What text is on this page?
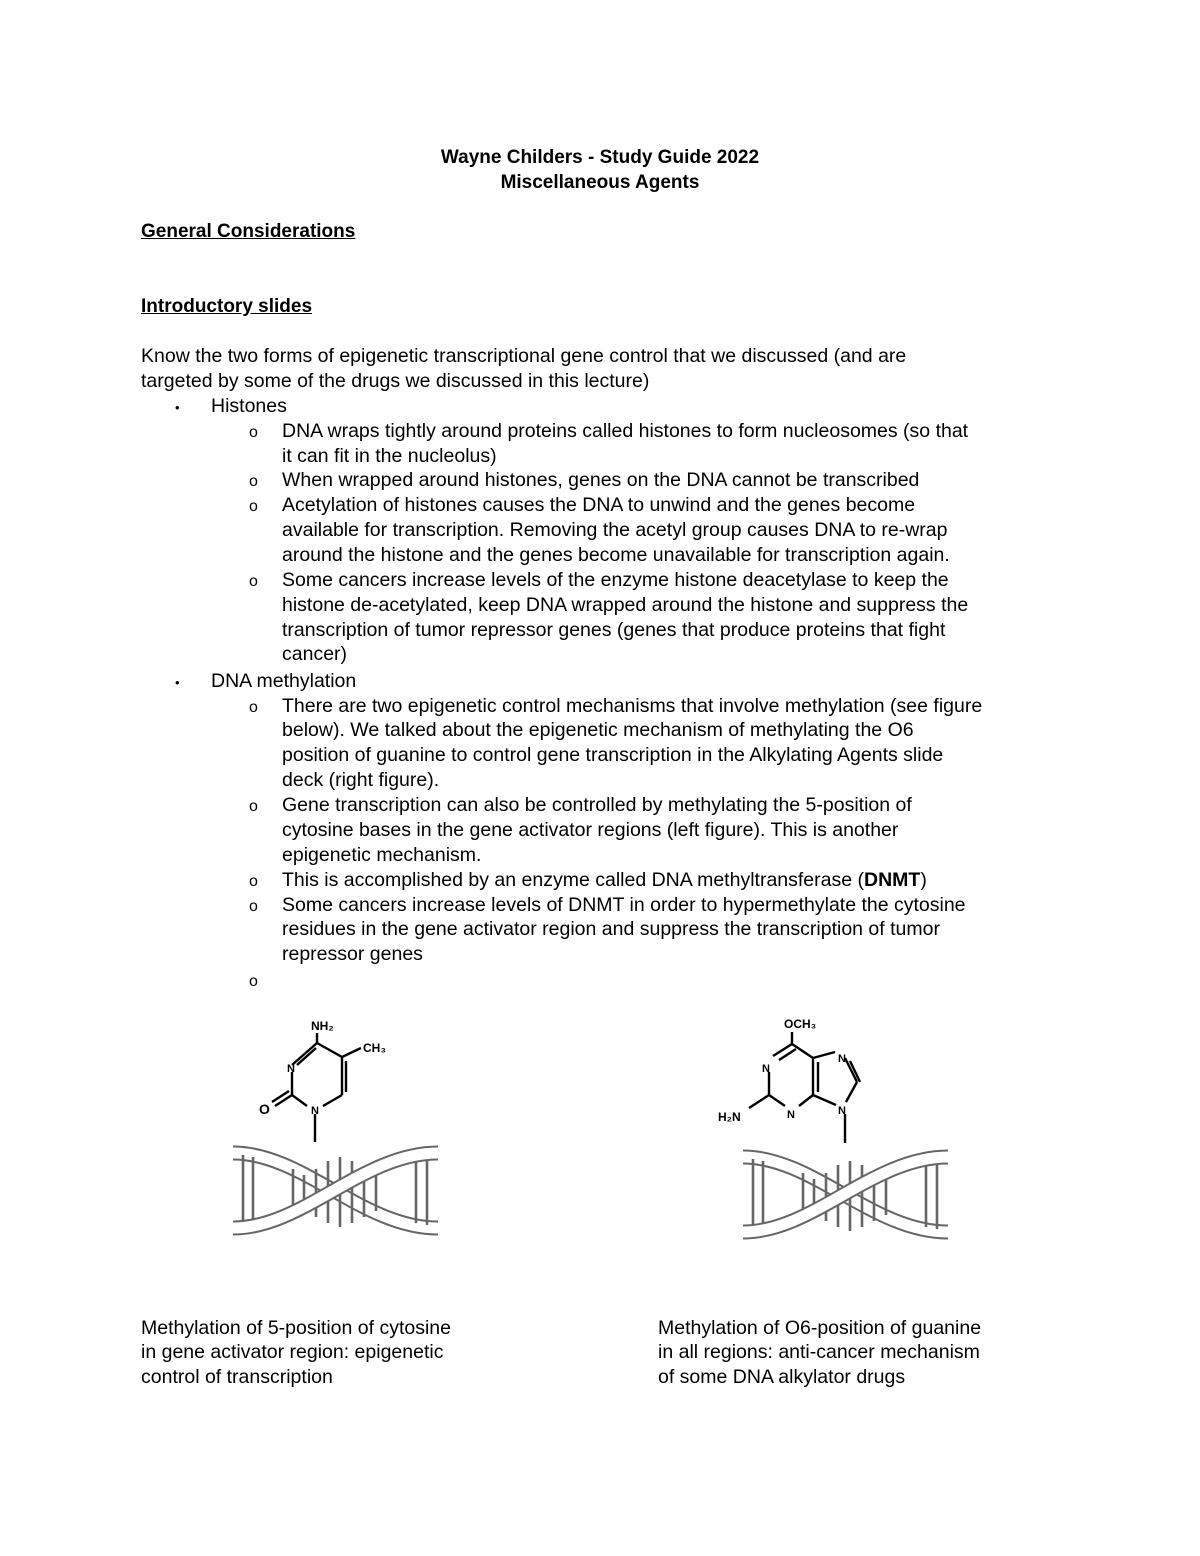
Wayne Childers - Study Guide 2022
Miscellaneous Agents
General Considerations
Introductory slides
Know the two forms of epigenetic transcriptional gene control that we discussed (and are
targeted by some of the drugs we discussed in this lecture)
• Histones
o DNA wraps tightly around proteins called histones to form nucleosomes (so that
it can fit in the nucleolus)
o When wrapped around histones, genes on the DNA cannot be transcribed
o Acetylation of histones causes the DNA to unwind and the genes become
available for transcription. Removing the acetyl group causes DNA to re-wrap
around the histone and the genes become unavailable for transcription again.
o Some cancers increase levels of the enzyme histone deacetylase to keep the
histone de-acetylated, keep DNA wrapped around the histone and suppress the
transcription of tumor repressor genes (genes that produce proteins that fight
cancer)
• DNA methylation
o There are two epigenetic control mechanisms that involve methylation (see figure
below). We talked about the epigenetic mechanism of methylating the O6
position of guanine to control gene transcription in the Alkylating Agents slide
deck (right figure).
o Gene transcription can also be controlled by methylating the 5-position of
cytosine bases in the gene activator regions (left figure). This is another
epigenetic mechanism.
o This is accomplished by an enzyme called DNA methyltransferase (DNMT)
o Some cancers increase levels of DNMT in order to hypermethylate the cytosine
residues in the gene activator region and suppress the transcription of tumor
repressor genes
o
NH₂
CH₃
N
N
O
OCH₃
H₂N
N
N
N
N
Methylation of 5-position of cytosine
in gene activator region: epigenetic
control of transcription
Methylation of O6-position of guanine
in all regions: anti-cancer mechanism
of some DNA alkylator drugs
